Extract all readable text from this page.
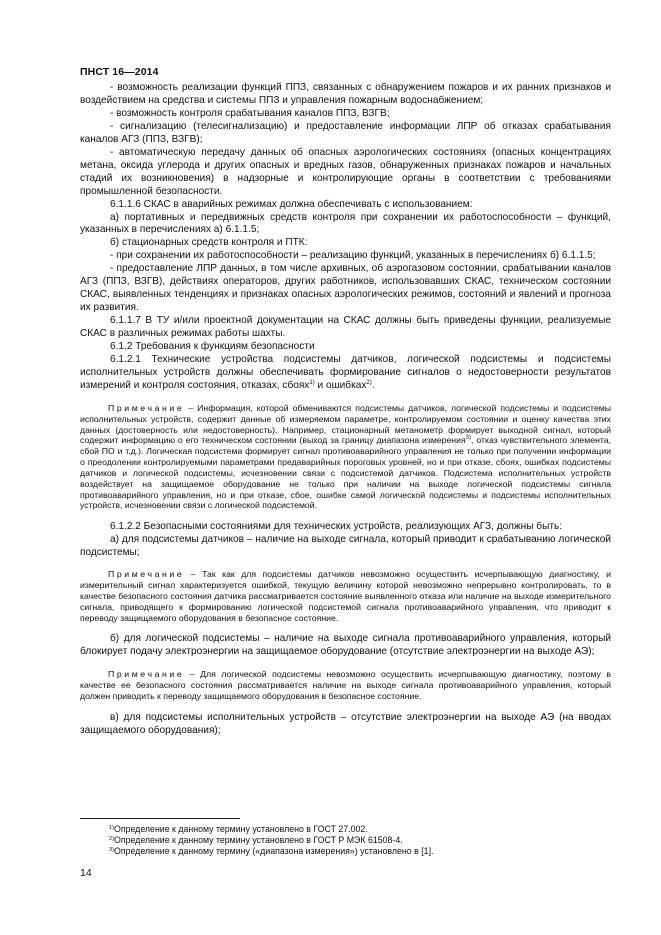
ПНСТ 16—2014

- возможность реализации функций ППЗ, связанных с обнаружением пожаров и их ранних признаков и воздействием на средства и системы ППЗ и управления пожарным водоснабжением;

- возможность контроля срабатывания каналов ППЗ, ВЗГВ;

- сигнализацию (телесигнализацию) и предоставление информации ЛПР об отказах срабатывания каналов АГЗ (ППЗ, ВЗГВ);

- автоматическую передачу данных об опасных аэрологических состояниях (опасных концентрациях метана, оксида углерода и других опасных и вредных газов, обнаруженных признаках пожаров и начальных стадий их возникновения) в надзорные и контролирующие органы в соответствии с требованиями промышленной безопасности.

6.1.1.6 СКАС в аварийных режимах должна обеспечивать с использованием:

а) портативных и передвижных средств контроля при сохранении их работоспособности – функций, указанных в перечислениях а) 6.1.1.5;

б) стационарных средств контроля и ПТК:

- при сохранении их работоспособности – реализацию функций, указанных в перечислениях б) 6.1.1.5;

- предоставление ЛПР данных, в том числе архивных, об аэрогазовом состоянии, срабатывании каналов АГЗ (ППЗ, ВЗГВ), действиях операторов, других работников, использовавших СКАС, техническом состоянии СКАС, выявленных тенденциях и признаках опасных аэрологических режимов, состояний и явлений и прогноза их развития.

6.1.1.7 В ТУ и/или проектной документации на СКАС должны быть приведены функции, реализуемые СКАС в различных режимах работы шахты.

6.1.2 Требования к функциям безопасности

6.1.2.1 Технические устройства подсистемы датчиков, логической подсистемы и подсистемы исполнительных устройств должны обеспечивать формирование сигналов о недостоверности результатов измерений и контроля состояния, отказах, сбоях$^{1)}$ и ошибках$^{2)}$.

Примечание – Информация, которой обмениваются подсистемы датчиков, логической подсистемы и подсистемы исполнительных устройств, содержит данные об измеряемом параметре, контролируемом состоянии и оценку качества этих данных (достоверность или недостоверность). Например, стационарный метанометр формирует выходной сигнал, который содержит информацию о его техническом состоянии (выход за границу диапазона измерения$^{3)}$, отказ чувствительного элемента, сбой ПО и т.д.). Логическая подсистема формирует сигнал противоаварийного управления не только при получении информации о преодолении контролируемыми параметрами предаварийных пороговых уровней, но и при отказе, сбоях, ошибках подсистемы датчиков и логической подсистемы, исчезновении связи с подсистемой датчиков. Подсистема исполнительных устройств воздействует на защищаемое оборудование не только при наличии на выходе логической подсистемы сигнала противоаварийного управления, но и при отказе, сбое, ошибке самой логической подсистемы и подсистемы исполнительных устройств, исчезновении связи с логической подсистемой.

6.1.2.2 Безопасными состояниями для технических устройств, реализующих АГЗ, должны быть:

а) для подсистемы датчиков – наличие на выходе сигнала, который приводит к срабатыванию логической подсистемы;

Примечание – Так как для подсистемы датчиков невозможно осуществить исчерпывающую диагностику, и измерительный сигнал характеризуется ошибкой, текущую величину которой невозможно непрерывно контролировать, то в качестве безопасного состояния датчика рассматривается состояние выявленного отказа или наличие на выходе измерительного сигнала, приводящего к формированию логической подсистемой сигнала противоаварийного управления, что приводит к переводу защищаемого оборудования в безопасное состояние.

б) для логической подсистемы – наличие на выходе сигнала противоаварийного управления, который блокирует подачу электроэнергии на защищаемое оборудование (отсутствие электроэнергии на выходе АЭ);

Примечание – Для логической подсистемы невозможно осуществить исчерпывающую диагностику, поэтому в качестве ее безопасного состояния рассматривается наличие на выходе сигнала противоаварийного управления, который должен приводить к переводу защищаемого оборудования в безопасное состояние.

в) для подсистемы исполнительных устройств – отсутствие электроэнергии на выходе АЭ (на вводах защищаемого оборудования);

$^{1)}$Определение к данному термину установлено в ГОСТ 27.002.
$^{2)}$Определение к данному термину установлено в ГОСТ Р МЭК 61508-4.
$^{3)}$Определение к данному термину («диапазона измерения») установлено в [1].
14
